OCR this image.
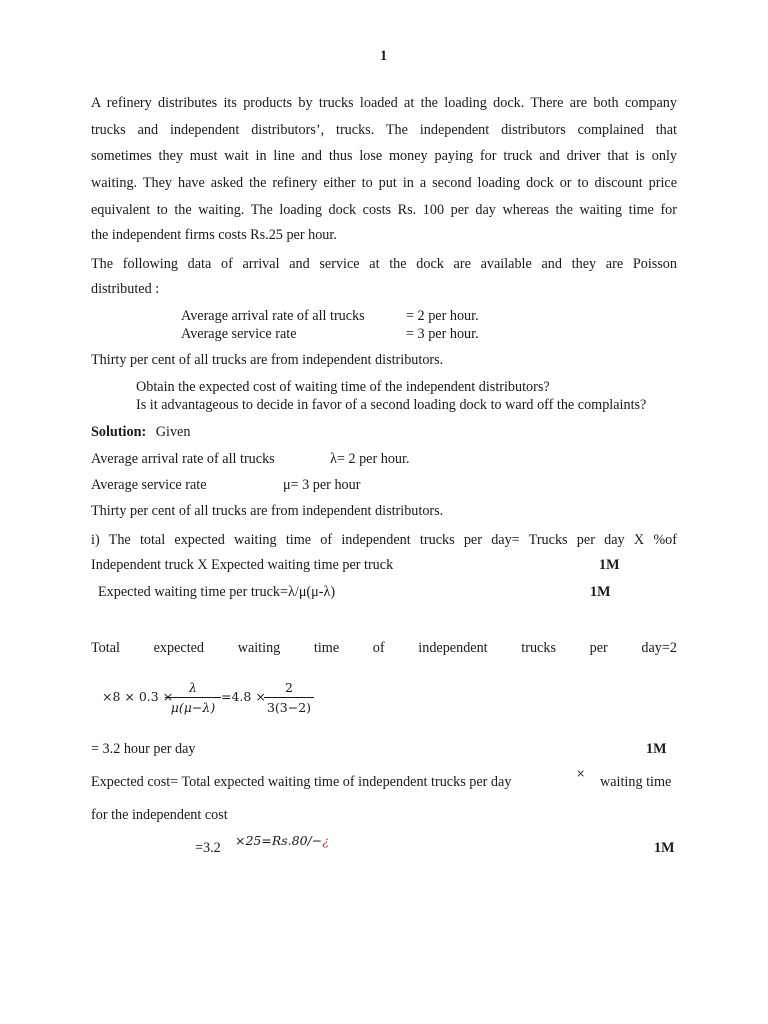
1
A refinery distributes its products by trucks loaded at the loading dock. There are both company
trucks and independent distributors’, trucks. The independent distributors complained that
sometimes they must wait in line and thus lose money paying for truck and driver that is only
waiting. They have asked the refinery either to put in a second loading dock or to discount price
equivalent to the waiting. The loading dock costs Rs. 100 per day whereas the waiting time for
the independent firms costs Rs.25 per hour.
The following data of arrival and service at the dock are available and they are Poisson
distributed :
Average arrival rate of all trucks	= 2 per hour.
Average service rate	= 3 per hour.
Thirty per cent of all trucks are from independent distributors.
Obtain the expected cost of waiting time of the independent distributors?
Is it advantageous to decide in favor of a second loading dock to ward off the complaints?
Solution: Given
Average arrival rate of all trucks	λ= 2 per hour.
Average service rate	μ= 3 per hour
Thirty per cent of all trucks are from independent distributors.
i) The total expected waiting time of independent trucks per day= Trucks per day X %of
Independent truck X Expected waiting time per truck	1M
Expected waiting time per truck=λ/μ(μ-λ)	1M
Total expected waiting time of independent trucks per day=2
×8 × 0.3 ×
λ
μ(μ−λ)
=4.8 ×
2
3(3−2)
= 3.2 hour per day	1M
Expected cost= Total expected waiting time of independent trucks per day
×
waiting time
for the independent cost
=3.2 ×25=Rs.80/−¿	1M
